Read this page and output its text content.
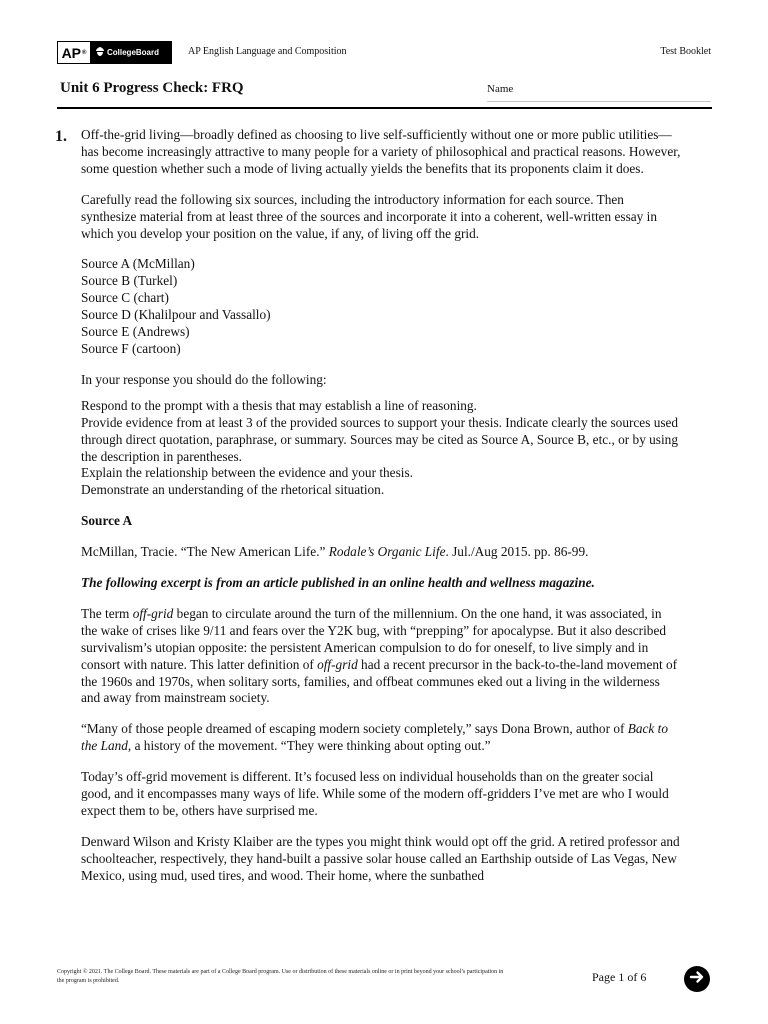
AP ®	CollegeBoard	AP English Language and Composition	Test Booklet
Unit 6 Progress Check: FRQ	Name
1. Off-the-grid living—broadly defined as choosing to live self-sufficiently without one or more public utilities—has become increasingly attractive to many people for a variety of philosophical and practical reasons. However, some question whether such a mode of living actually yields the benefits that its proponents claim it does.

Carefully read the following six sources, including the introductory information for each source. Then synthesize material from at least three of the sources and incorporate it into a coherent, well-written essay in which you develop your position on the value, if any, of living off the grid.

Source A (McMillan)

Source B (Turkel)

Source C (chart)

Source D (Khalilpour and Vassallo)

Source E (Andrews)

Source F (cartoon)

In your response you should do the following:

Respond to the prompt with a thesis that may establish a line of reasoning.

Provide evidence from at least 3 of the provided sources to support your thesis. Indicate clearly the sources used through direct quotation, paraphrase, or summary. Sources may be cited as Source A, Source B, etc., or by using the description in parentheses.

Explain the relationship between the evidence and your thesis.

Demonstrate an understanding of the rhetorical situation.

Source A

McMillan, Tracie. “The New American Life.” Rodale’s Organic Life. Jul./Aug 2015. pp. 86-99.

The following excerpt is from an article published in an online health and wellness magazine.

The term off-grid began to circulate around the turn of the millennium. On the one hand, it was associated, in the wake of crises like 9/11 and fears over the Y2K bug, with “prepping” for apocalypse. But it also described survivalism’s utopian opposite: the persistent American compulsion to do for oneself, to live simply and in consort with nature. This latter definition of off-grid had a recent precursor in the back-to-the-land movement of the 1960s and 1970s, when solitary sorts, families, and offbeat communes eked out a living in the wilderness and away from mainstream society.

“Many of those people dreamed of escaping modern society completely,” says Dona Brown, author of Back to the Land, a history of the movement. “They were thinking about opting out.”

Today’s off-grid movement is different. It’s focused less on individual households than on the greater social good, and it encompasses many ways of life. While some of the modern off-gridders I’ve met are who I would expect them to be, others have surprised me.

Denward Wilson and Kristy Klaiber are the types you might think would opt off the grid. A retired professor and schoolteacher, respectively, they hand-built a passive solar house called an Earthship outside of Las Vegas, New Mexico, using mud, used tires, and wood. Their home, where the sunbathed

Copyright © 2021. The College Board. These materials are part of a College Board program. Use or distribution of these materials online or in print beyond your school’s participation in the program is prohibited.	Page 1 of 6
